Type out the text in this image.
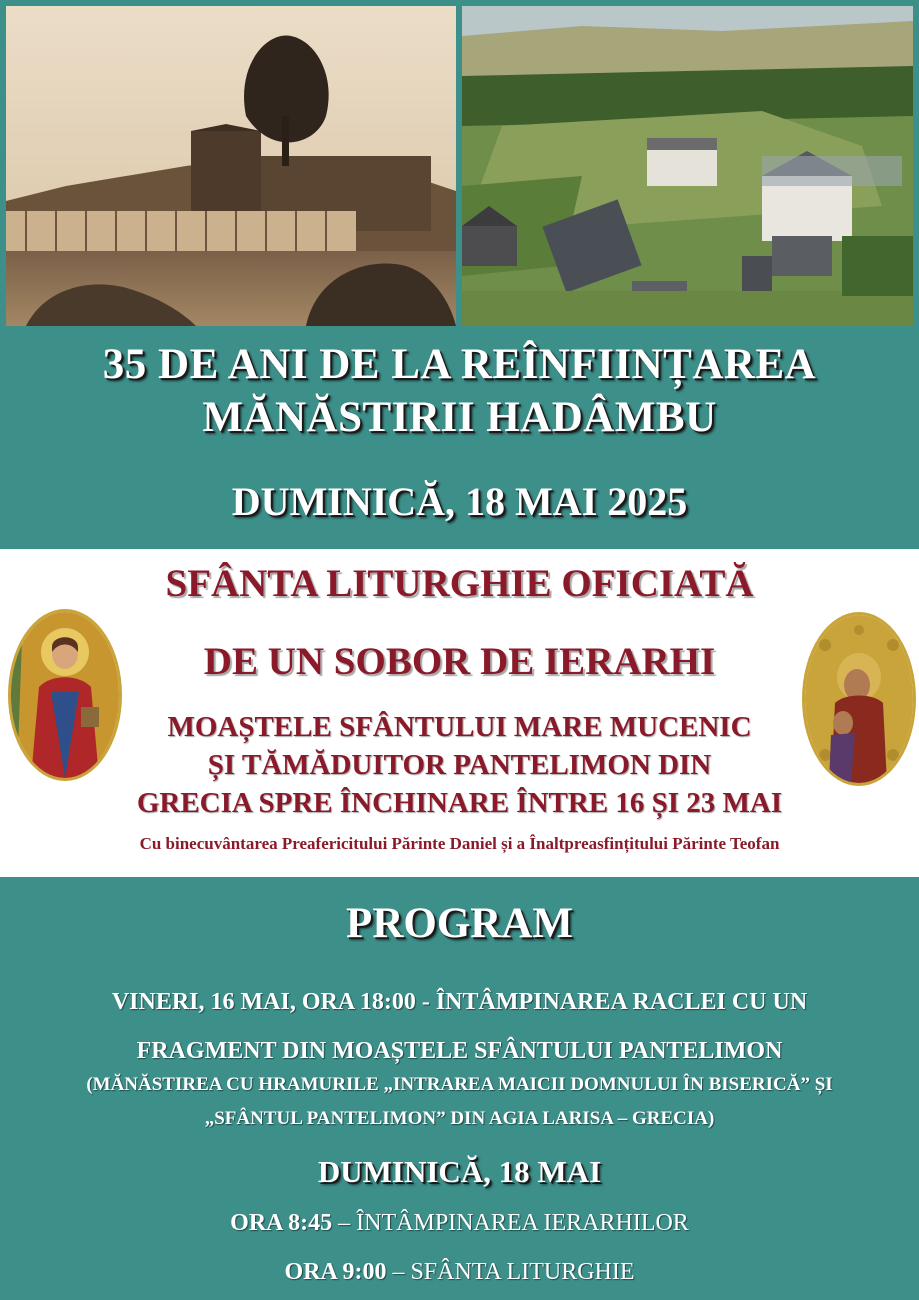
35 DE ANI DE LA REÎNFIINȚAREA
MĂNĂSTIRII HADÂMBU
DUMINICĂ, 18 MAI 2025
SFÂNTA LITURGHIE OFICIATĂ
DE UN SOBOR DE IERARHI
MOAȘTELE SFÂNTULUI MARE MUCENIC
ȘI TĂMĂDUITOR PANTELIMON DIN
GRECIA SPRE ÎNCHINARE ÎNTRE 16 ȘI 23 MAI
Cu binecuvântarea Preafericitului Părinte Daniel și a Înaltpreasfințitului Părinte Teofan
PROGRAM
VINERI, 16 MAI, ORA 18:00 - ÎNTÂMPINAREA RACLEI CU UN
FRAGMENT DIN MOAȘTELE SFÂNTULUI PANTELIMON
(MĂNĂSTIREA CU HRAMURILE „INTRAREA MAICII DOMNULUI ÎN BISERICĂ” ȘI
„SFÂNTUL PANTELIMON” DIN AGIA LARISA – GRECIA)
DUMINICĂ, 18 MAI
ORA 8:45 – ÎNTÂMPINAREA IERARHILOR
ORA 9:00 – SFÂNTA LITURGHIE
